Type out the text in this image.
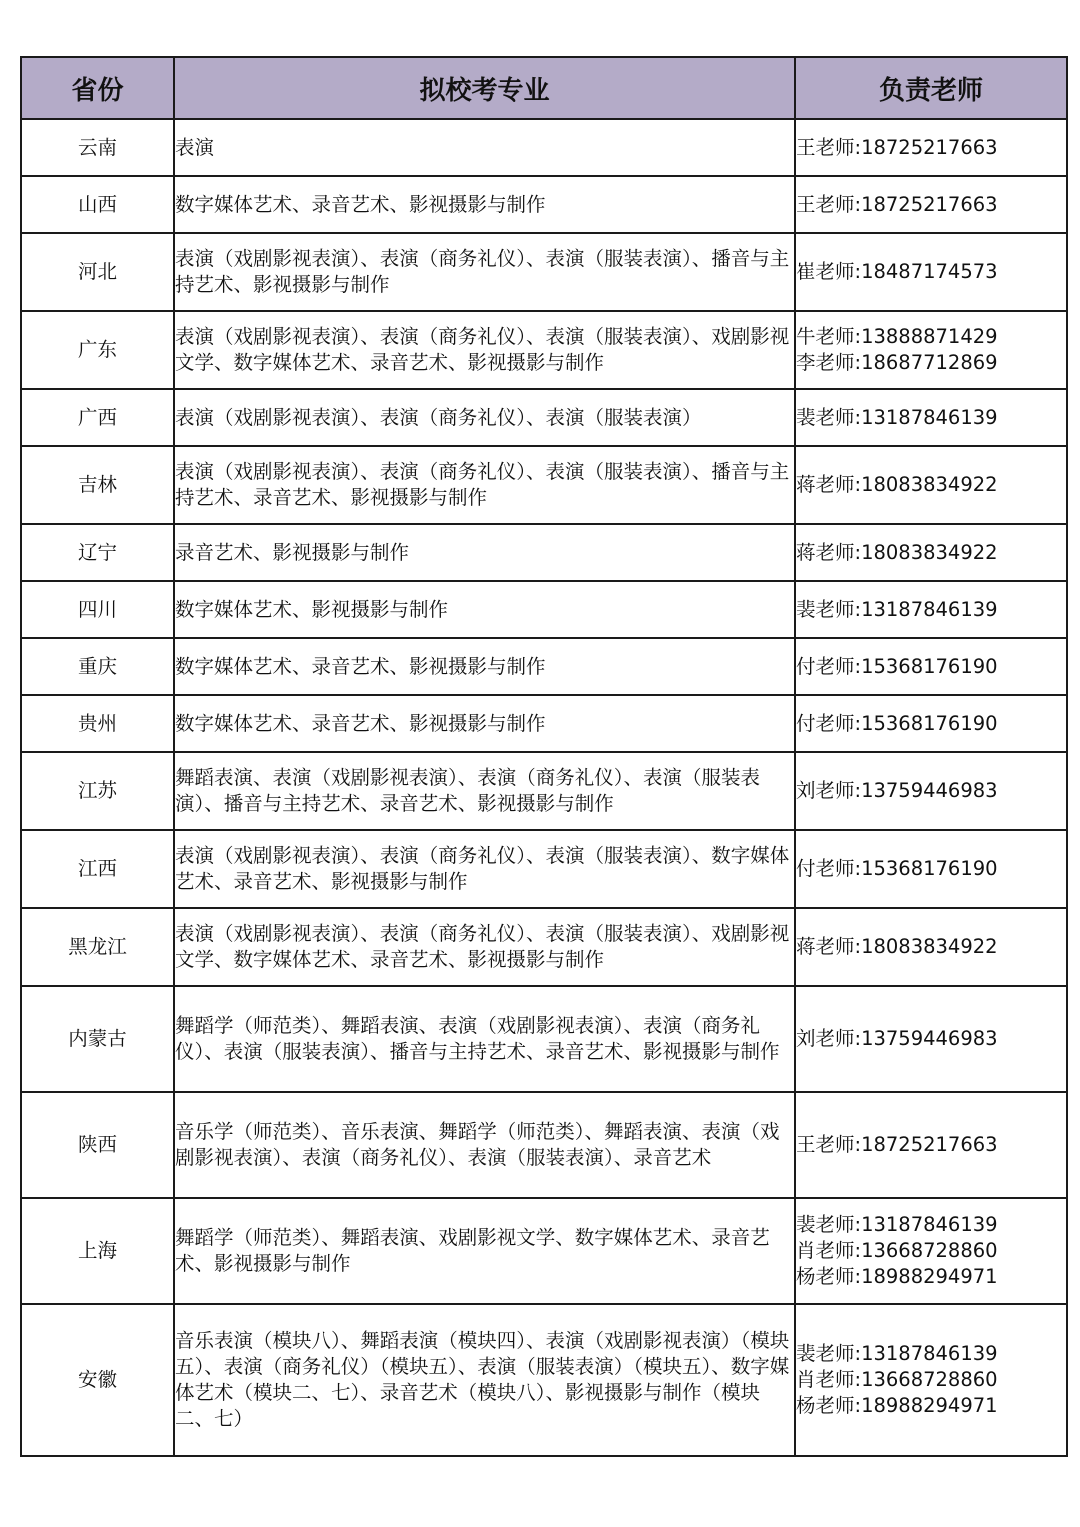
省份	拟校考专业	负责老师
云南	表演	王老师:18725217663
山西	数字媒体艺术、录音艺术、影视摄影与制作	王老师:18725217663
河北	表演（戏剧影视表演）、表演（商务礼仪）、表演（服装表演）、播音与主持艺术、影视摄影与制作	崔老师:18487174573
广东	表演（戏剧影视表演）、表演（商务礼仪）、表演（服装表演）、戏剧影视文学、数字媒体艺术、录音艺术、影视摄影与制作	牛老师:13888871429
李老师:18687712869
广西	表演（戏剧影视表演）、表演（商务礼仪）、表演（服装表演）	裴老师:13187846139
吉林	表演（戏剧影视表演）、表演（商务礼仪）、表演（服装表演）、播音与主持艺术、录音艺术、影视摄影与制作	蒋老师:18083834922
辽宁	录音艺术、影视摄影与制作	蒋老师:18083834922
四川	数字媒体艺术、影视摄影与制作	裴老师:13187846139
重庆	数字媒体艺术、录音艺术、影视摄影与制作	付老师:15368176190
贵州	数字媒体艺术、录音艺术、影视摄影与制作	付老师:15368176190
江苏	舞蹈表演、表演（戏剧影视表演）、表演（商务礼仪）、表演（服装表演）、播音与主持艺术、录音艺术、影视摄影与制作	刘老师:13759446983
江西	表演（戏剧影视表演）、表演（商务礼仪）、表演（服装表演）、数字媒体艺术、录音艺术、影视摄影与制作	付老师:15368176190
黑龙江	表演（戏剧影视表演）、表演（商务礼仪）、表演（服装表演）、戏剧影视文学、数字媒体艺术、录音艺术、影视摄影与制作	蒋老师:18083834922
内蒙古	舞蹈学（师范类）、舞蹈表演、表演（戏剧影视表演）、表演（商务礼仪）、表演（服装表演）、播音与主持艺术、录音艺术、影视摄影与制作	刘老师:13759446983
陕西	音乐学（师范类）、音乐表演、舞蹈学（师范类）、舞蹈表演、表演（戏剧影视表演）、表演（商务礼仪）、表演（服装表演）、录音艺术	王老师:18725217663
上海	舞蹈学（师范类）、舞蹈表演、戏剧影视文学、数字媒体艺术、录音艺术、影视摄影与制作	裴老师:13187846139
肖老师:13668728860
杨老师:18988294971
安徽	音乐表演（模块八）、舞蹈表演（模块四）、表演（戏剧影视表演）（模块五）、表演（商务礼仪）（模块五）、表演（服装表演）（模块五）、数字媒体艺术（模块二、七）、录音艺术（模块八）、影视摄影与制作（模块二、七）	裴老师:13187846139
肖老师:13668728860
杨老师:18988294971
